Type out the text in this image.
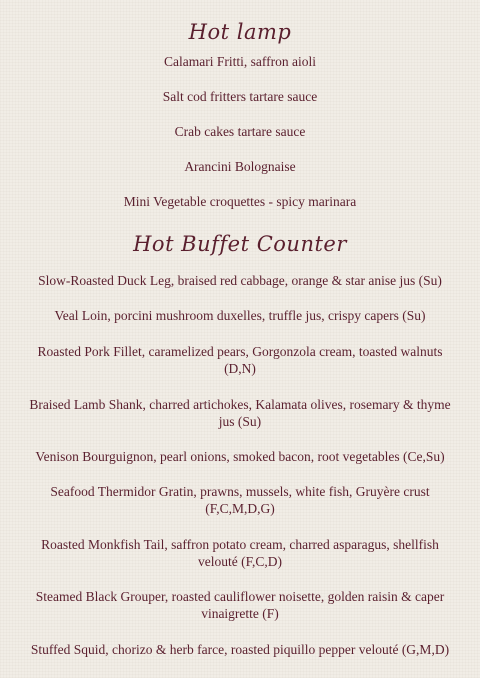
Hot lamp
Calamari Fritti, saffron aioli
Salt cod fritters tartare sauce
Crab cakes tartare sauce
Arancini Bolognaise
Mini Vegetable croquettes - spicy marinara
Hot Buffet Counter
Slow-Roasted Duck Leg, braised red cabbage, orange & star anise jus (Su)
Veal Loin, porcini mushroom duxelles, truffle jus, crispy capers (Su)
Roasted Pork Fillet, caramelized pears, Gorgonzola cream, toasted walnuts (D,N)
Braised Lamb Shank, charred artichokes, Kalamata olives, rosemary & thyme jus (Su)
Venison Bourguignon, pearl onions, smoked bacon, root vegetables (Ce,Su)
Seafood Thermidor Gratin, prawns, mussels, white fish, Gruyère crust (F,C,M,D,G)
Roasted Monkfish Tail, saffron potato cream, charred asparagus, shellfish velouté (F,C,D)
Steamed Black Grouper, roasted cauliflower noisette, golden raisin & caper vinaigrette (F)
Stuffed Squid, chorizo & herb farce, roasted piquillo pepper velouté (G,M,D)
